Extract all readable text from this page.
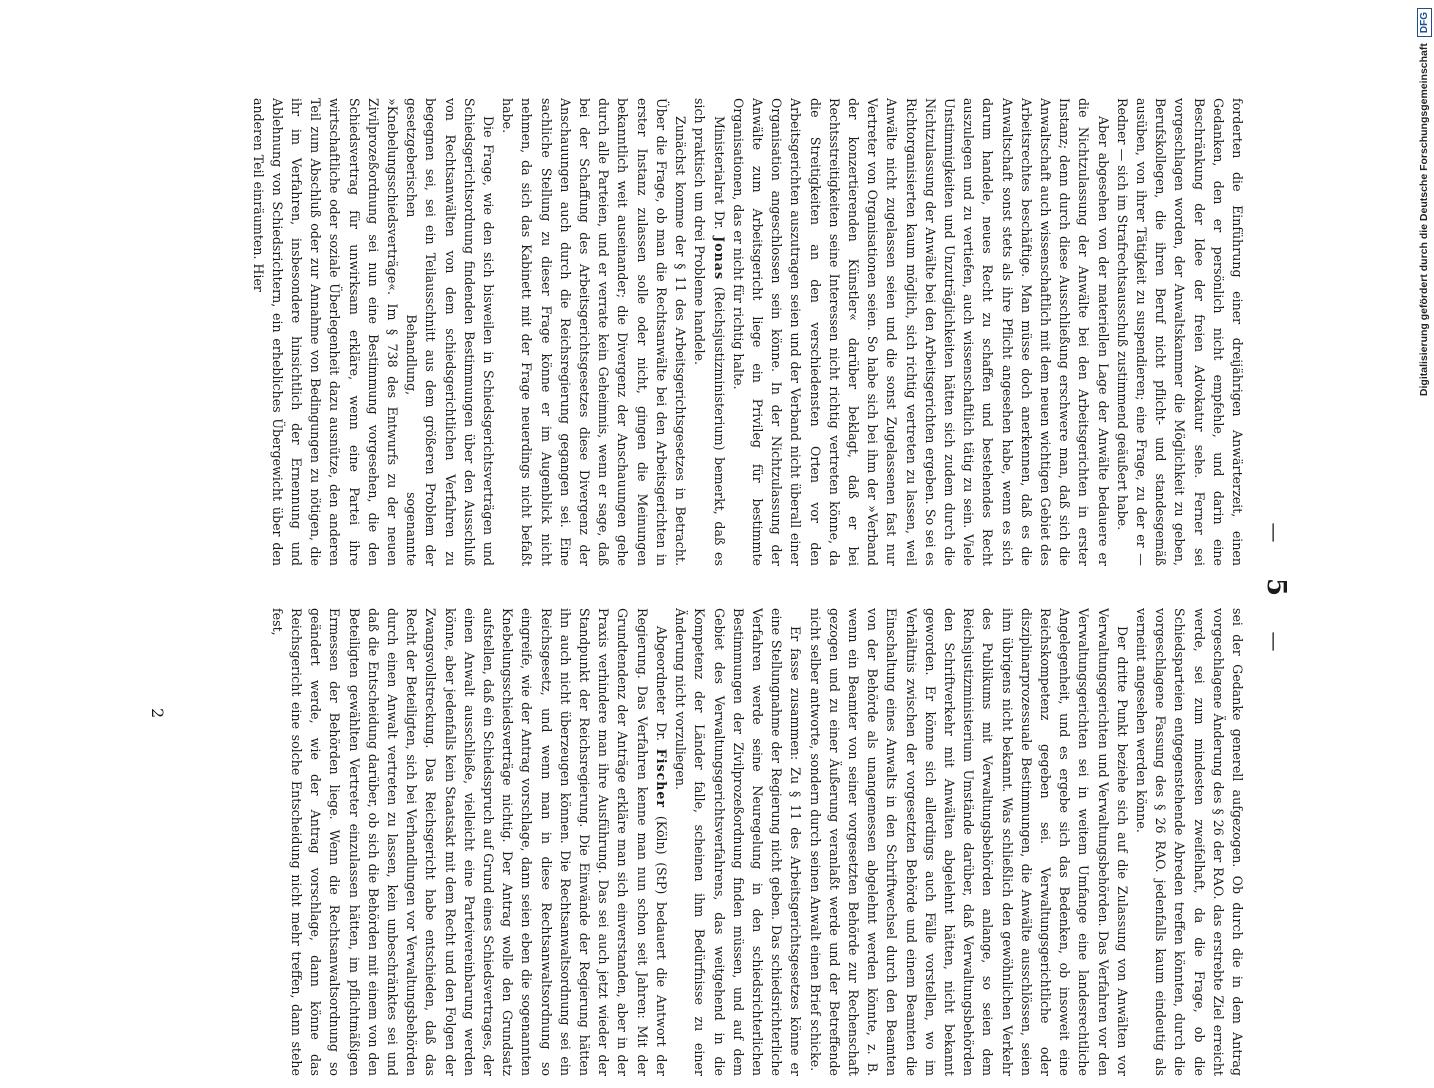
—    5    —

forderten die Einführung einer dreijährigen Anwärterzeit, einen Gedanken, den er persönlich nicht empfehle, und darin eine Beschränkung der Idee der freien Advokatur sehe. Ferner sei vorgeschlagen worden, der Anwaltskammer die Möglichkeit zu geben, Berufskollegen, die ihren Beruf nicht pflicht- und standesgemäß ausüben, von ihrer Tätigkeit zu suspendieren; eine Frage, zu der er — Redner — sich im Strafrechtsausschuß zustimmend geäußert habe.

Aber abgesehen von der materiellen Lage der Anwälte bedauere er die Nichtzulassung der Anwälte bei den Arbeitsgerichten in erster Instanz; denn durch diese Ausschließung erschwere man, daß sich die Anwaltschaft auch wissenschaftlich mit dem neuen wichtigen Gebiet des Arbeitsrechtes beschäftige. Man müsse doch anerkennen, daß es die Anwaltschaft sonst stets als ihre Pflicht angesehen habe, wenn es sich darum handele, neues Recht zu schaffen und bestehendes Recht auszulegen und zu vertiefen, auch wissenschaftlich tätig zu sein. Viele Unstimmigkeiten und Unzuträglichkeiten hätten sich zudem durch die Nichtzulassung der Anwälte bei den Arbeitsgerichten ergeben. So sei es Richtorganisierten kaum möglich, sich richtig vertreten zu lassen, weil Anwälte nicht zugelassen seien und die sonst Zugelassenen fast nur Vertreter von Organisationen seien. So habe sich bei ihm der »Verband der konzertierenden Künstler« darüber beklagt, daß er bei Rechtsstreitigkeiten seine Interessen nicht richtig vertreten könne, da die Streitigkeiten an den verschiedensten Orten vor den Arbeitsgerichten auszutragen seien und der Verband nicht überall einer Organisation angeschlossen sein könne. In der Nichtzulassung der Anwälte zum Arbeitsgericht liege ein Privileg für bestimmte Organisationen, das er nicht für richtig halte.

Ministerialrat Dr. Jonas (Reichsjustizministerium) bemerkt, daß es sich praktisch um drei Probleme handele.

Zunächst komme der § 11 des Arbeitsgerichtsgesetzes in Betracht. Über die Frage, ob man die Rechtsanwälte bei den Arbeitsgerichten in erster Instanz zulassen solle oder nicht, gingen die Meinungen bekanntlich weit auseinander; die Divergenz der Anschauungen gehe durch alle Parteien, und er verrate kein Geheimnis, wenn er sage, daß bei der Schaffung des Arbeitsgerichtsgesetzes diese Divergenz der Anschauungen auch durch die Reichsregierung gegangen sei. Eine sachliche Stellung zu dieser Frage könne er im Augenblick nicht nehmen, da sich das Kabinett mit der Frage neuerdings nicht befaßt habe.

Die Frage, wie den sich bisweilen in Schiedsgerichtsverträgen und Schiedsgerichtsordnung findenden Bestimmungen über den Ausschluß von Rechtsanwälten von dem schiedsgerichtlichen Verfahren zu begegnen sei, sei ein Teilausschnitt aus dem größeren Problem der gesetzgeberischen Behandlung, sogenannte »Knebelungsschiedsverträge«. Im § 738 des Entwurfs zu der neuen Zivilprozeßordnung sei nun eine Bestimmung vorgesehen, die den Schiedsvertrag für unwirksam erkläre, wenn eine Partei ihre wirtschaftliche oder soziale Überlegenheit dazu ausnütze, den anderen Teil zum Abschluß oder zur Annahme von Bedingungen zu nötigen, die ihr im Verfahren, insbesondere hinsichtlich der Ernennung und Ablehnung von Schiedsrichtern, ein erhebliches Übergewicht über den anderen Teil einräumten. Hier

sei der Gedanke generell aufgezogen. Ob durch die in dem Antrag vorgeschlagene Änderung des § 26 der RAO. das erstrebte Ziel erreicht werde, sei zum mindesten zweifelhaft, da die Frage, ob die Schiedsparteien entgegenstehende Abreden treffen könnten, durch die vorgeschlagene Fassung des § 26 RAO. jedenfalls kaum eindeutig als verneint angesehen werden könne.

Der dritte Punkt beziehe sich auf die Zulassung von Anwälten vor Verwaltungsgerichten und Verwaltungsbehörden. Das Verfahren vor den Verwaltungsgerichten sei in weitem Umfange eine landesrechtliche Angelegenheit, und es ergebe sich das Bedenken, ob insoweit eine Reichskompetenz gegeben sei. Verwaltungsgerichtliche oder disziplinarprozessuale Bestimmungen, die Anwälte ausschlössen, seien ihm übrigens nicht bekannt. Was schließlich den gewöhnlichen Verkehr des Publikums mit Verwaltungsbehörden anlange, so seien dem Reichsjustizministerium Umstände darüber, daß Verwaltungsbehörden den Schriftverkehr mit Anwälten abgelehnt hätten, nicht bekannt geworden. Er könne sich allerdings auch Fälle vorstellen, wo im Verhältnis zwischen der vorgesetzten Behörde und einem Beamten die Einschaltung eines Anwalts in den Schriftwechsel durch den Beamten von der Behörde als unangemessen abgelehnt werden könnte, z. B. wenn ein Beamter von seiner vorgesetzten Behörde zur Rechenschaft gezogen und zu einer Äußerung veranlaßt werde und der Betreffende nicht selber antworte, sondern durch seinen Anwalt einen Brief schicke.

Er fasse zusammen: Zu § 11 des Arbeitsgerichtsgesetzes könne er eine Stellungnahme der Regierung nicht geben. Das schiedsrichterliche Verfahren werde seine Neuregelung in den schiedsrichterlichen Bestimmungen der Zivilprozeßordnung finden müssen, und auf dem Gebiet des Verwaltungsgerichtsverfahrens, das weitgehend in die Kompetenz der Länder falle, scheinen ihm Bedürfnisse zu einer Änderung nicht vorzuliegen.

Abgeordneter Dr. Fischer (Köln) (StP) bedauert die Antwort der Regierung. Das Verfahren kenne man nun schon seit Jahren: Mit der Grundtendenz der Anträge erkläre man sich einverstanden, aber in der Praxis verhindere man ihre Ausführung. Das sei auch jetzt wieder der Standpunkt der Reichsregierung. Die Einwände der Regierung hätten ihn auch nicht überzeugen können. Die Rechtsanwaltsordnung sei ein Reichsgesetz, und wenn man in diese Rechtsanwaltsordnung so eingreife, wie der Antrag vorschlage, dann seien eben die sogenannten Knebelungsschiedsverträge nichtig. Der Antrag wolle den Grundsatz aufstellen, daß ein Schiedsspruch auf Grund eines Schiedsvertrages, der einen Anwalt ausschließe, vielleicht eine Parteivereinbarung werden könne, aber jedenfalls kein Staatsakt mit dem Recht und den Folgen der Zwangsvollstreckung. Das Reichsgericht habe entschieden, daß das Recht der Beteiligten, sich bei Verhandlungen vor Verwaltungsbehörden durch einen Anwalt vertreten zu lassen, kein unbeschränktes sei und daß die Entscheidung darüber, ob sich die Behörden mit einem von den Beteiligten gewählten Vertreter einzulassen hätten, im pflichtmäßigen Ermessen der Behörden liege. Wenn die Rechtsanwaltsordnung so geändert werde, wie der Antrag vorschlage, dann könne das Reichsgericht eine solche Entscheidung nicht mehr treffen, dann stehe fest,

2
Digitalisierung gefördert durch die Deutsche Forschungsgemeinschaft
DFG
